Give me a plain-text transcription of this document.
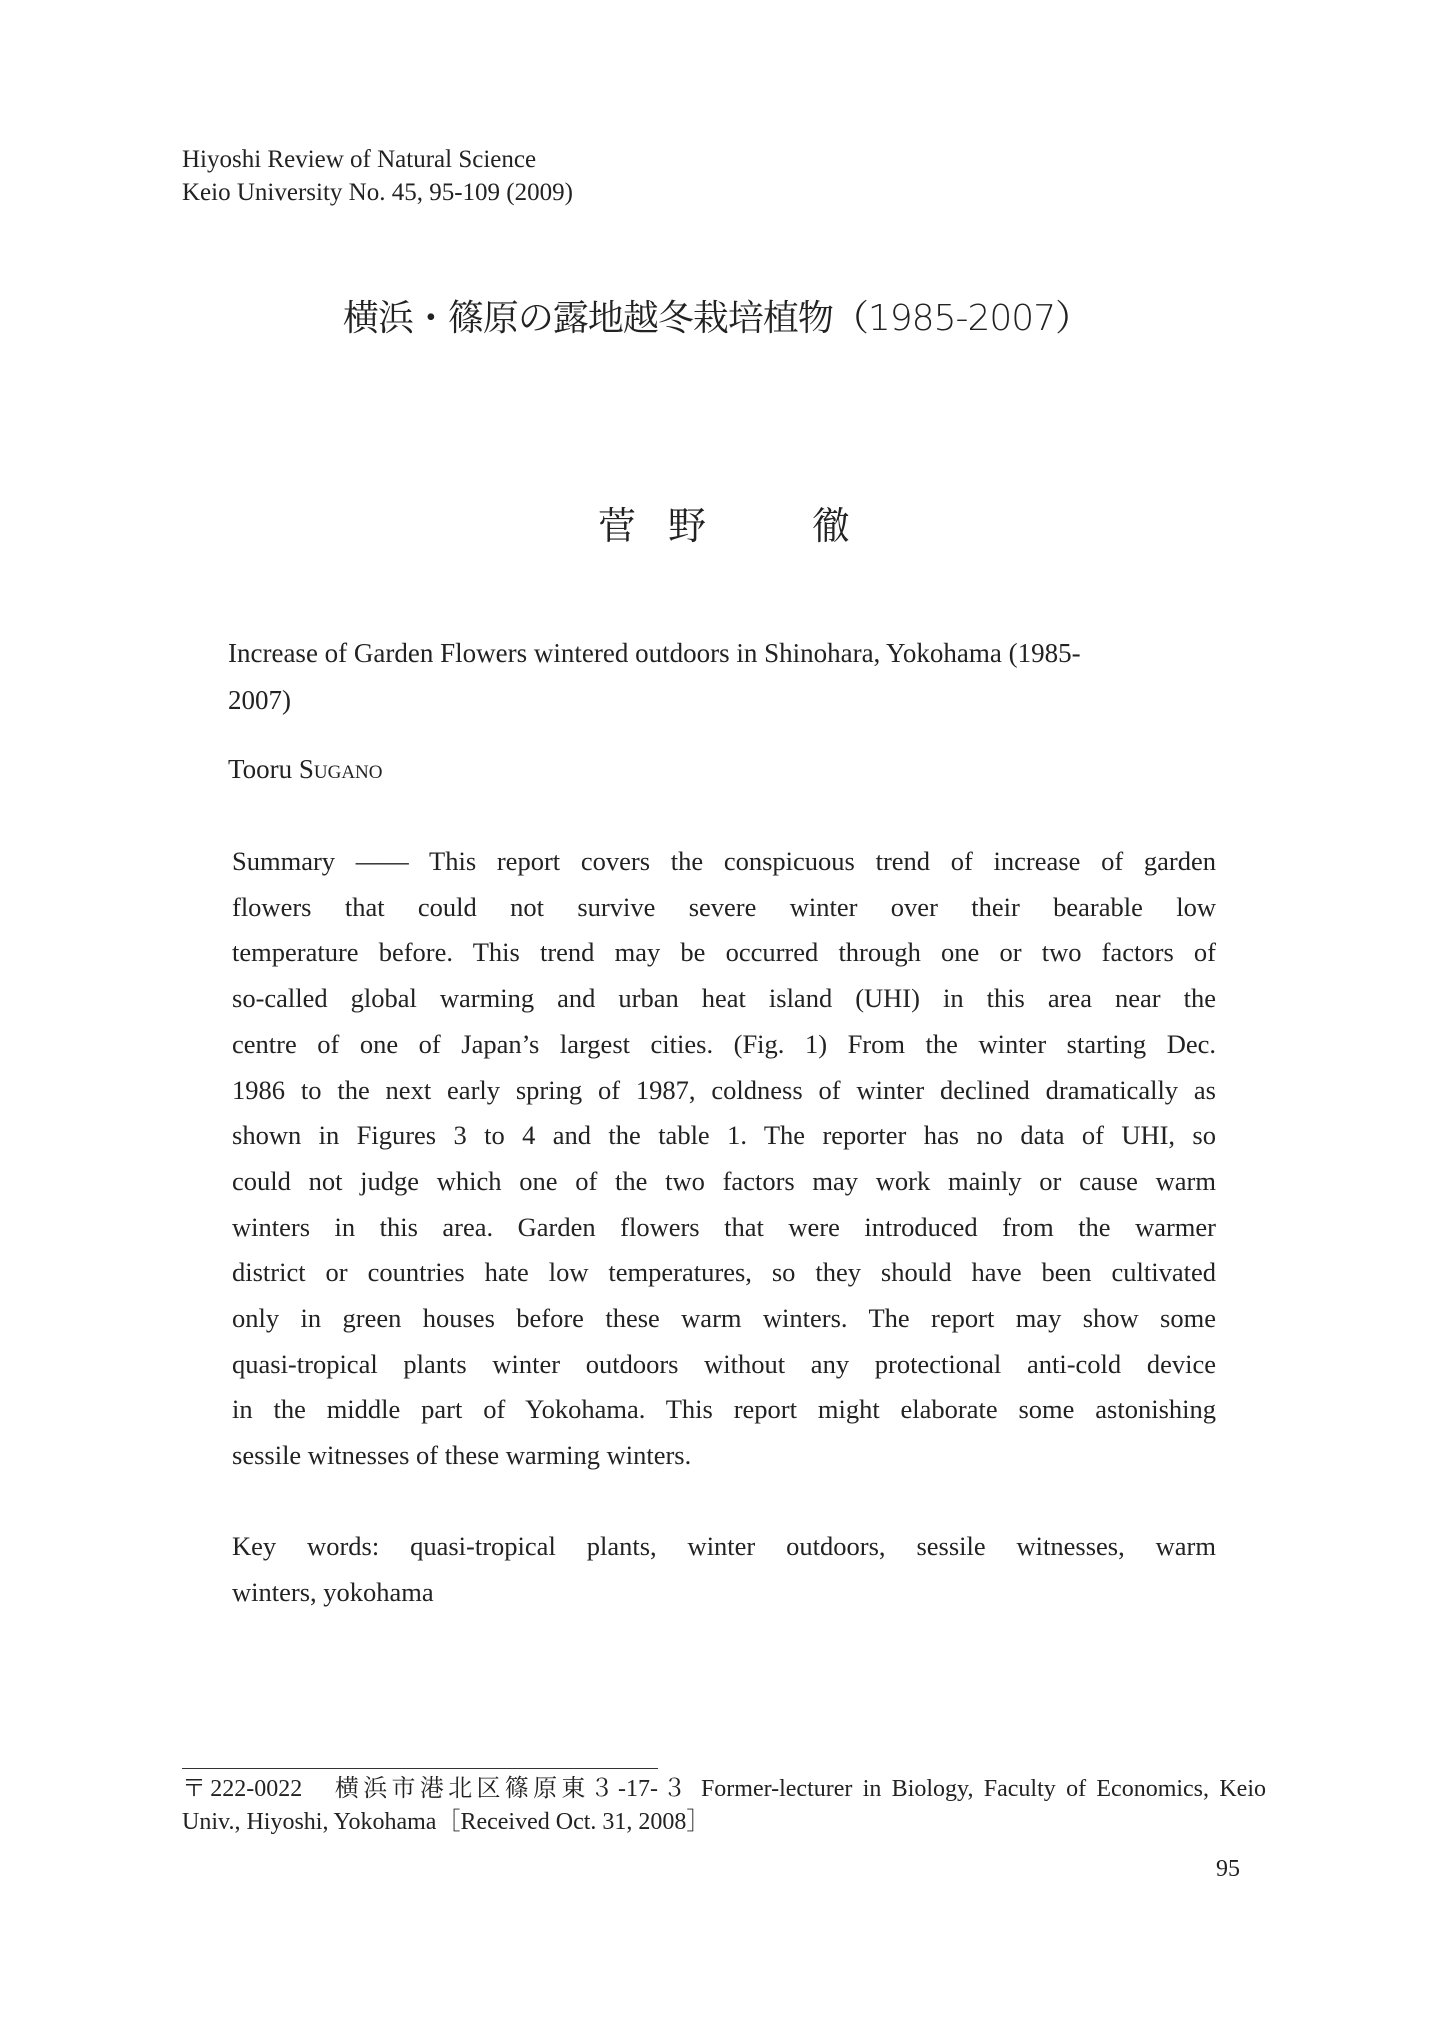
Hiyoshi Review of Natural Science
Keio University No. 45, 95-109 (2009)
横浜・篠原の露地越冬栽培植物（1985-2007）
菅 野	徹
Increase of Garden Flowers wintered outdoors in Shinohara, Yokohama (1985-
2007)
Tooru Sugano
Summary —— This report covers the conspicuous trend of increase of garden
flowers that could not survive severe winter over their bearable low
temperature before. This trend may be occurred through one or two factors of
so-called global warming and urban heat island (UHI) in this area near the
centre of one of Japan’s largest cities. (Fig. 1) From the winter starting Dec.
1986 to the next early spring of 1987, coldness of winter declined dramatically as
shown in Figures 3 to 4 and the table 1. The reporter has no data of UHI, so
could not judge which one of the two factors may work mainly or cause warm
winters in this area. Garden flowers that were introduced from the warmer
district or countries hate low temperatures, so they should have been cultivated
only in green houses before these warm winters. The report may show some
quasi-tropical plants winter outdoors without any protectional anti-cold device
in the middle part of Yokohama. This report might elaborate some astonishing
sessile witnesses of these warming winters.
Key words: quasi-tropical plants, winter outdoors, sessile witnesses, warm
winters, yokohama
〒222-0022　横浜市港北区篠原東３-17-３ Former-lecturer in Biology, Faculty of Economics, Keio
Univ., Hiyoshi, Yokohama［Received Oct. 31, 2008］
95
